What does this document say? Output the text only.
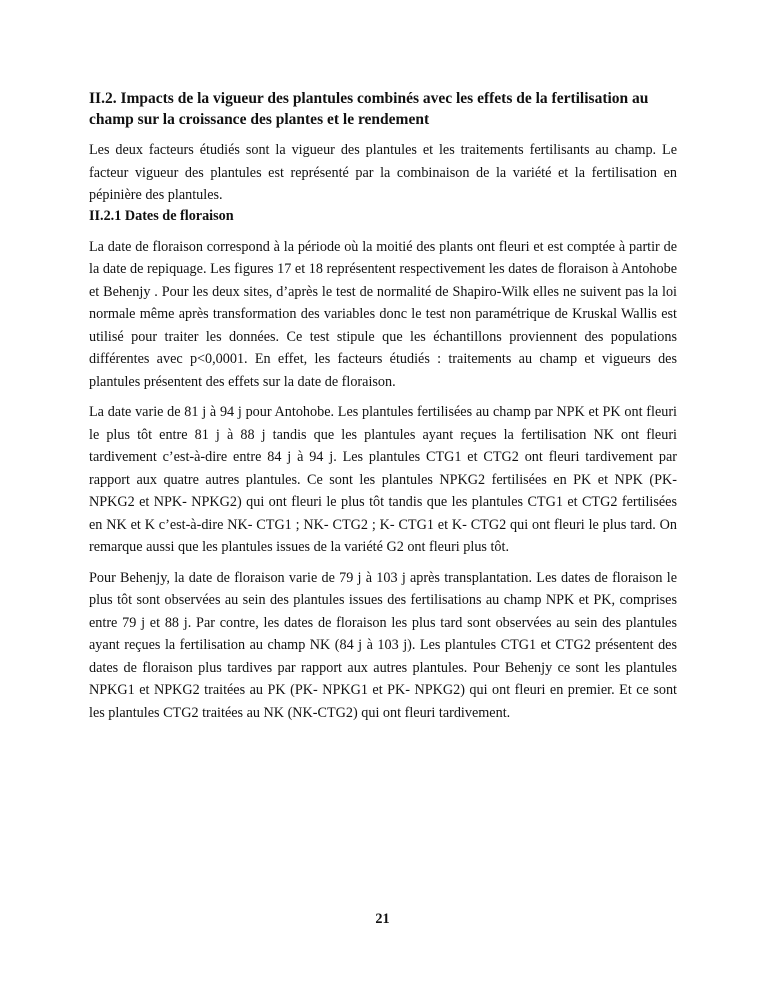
II.2. Impacts de la vigueur des plantules combinés avec les effets de la fertilisation au champ sur la croissance des plantes et le rendement

Les deux facteurs étudiés sont la vigueur des plantules et les traitements fertilisants au champ. Le facteur vigueur des plantules est représenté par la combinaison de la variété et la fertilisation en pépinière des plantules.

II.2.1 Dates de floraison

La date de floraison correspond à la période où la moitié des plants ont fleuri et est comptée à partir de la date de repiquage. Les figures 17 et 18 représentent respectivement les dates de floraison à Antohobe et Behenjy . Pour les deux sites, d’après le test de normalité de Shapiro-Wilk elles ne suivent pas la loi normale même après transformation des variables donc le test non paramétrique de Kruskal Wallis est utilisé pour traiter les données. Ce test stipule que les échantillons proviennent des populations différentes avec p<0,0001. En effet, les facteurs étudiés : traitements au champ et vigueurs des plantules présentent des effets sur la date de floraison.

La date varie de 81 j à 94 j pour Antohobe. Les plantules fertilisées au champ par NPK et PK ont fleuri le plus tôt entre 81 j à 88 j tandis que les plantules ayant reçues la fertilisation NK ont fleuri tardivement c’est-à-dire entre 84 j à 94 j. Les plantules CTG1 et CTG2 ont fleuri tardivement par rapport aux quatre autres plantules. Ce sont les plantules NPKG2 fertilisées en PK et NPK (PK-NPKG2 et NPK- NPKG2) qui ont fleuri le plus tôt tandis que les plantules CTG1 et CTG2 fertilisées en NK et K c’est-à-dire NK- CTG1 ; NK- CTG2 ; K- CTG1 et K- CTG2 qui ont fleuri le plus tard. On remarque aussi que les plantules issues de la variété G2 ont fleuri plus tôt.

Pour Behenjy, la date de floraison varie de 79 j à 103 j après transplantation. Les dates de floraison le plus tôt sont observées au sein des plantules issues des fertilisations au champ NPK et PK, comprises entre 79 j et 88 j. Par contre, les dates de floraison les plus tard sont observées au sein des plantules ayant reçues la fertilisation au champ NK (84 j à 103 j). Les plantules CTG1 et CTG2 présentent des dates de floraison plus tardives par rapport aux autres plantules. Pour Behenjy ce sont les plantules NPKG1 et NPKG2 traitées au PK (PK- NPKG1 et PK- NPKG2) qui ont fleuri en premier. Et ce sont les plantules CTG2 traitées au NK (NK-CTG2) qui ont fleuri tardivement.

21
